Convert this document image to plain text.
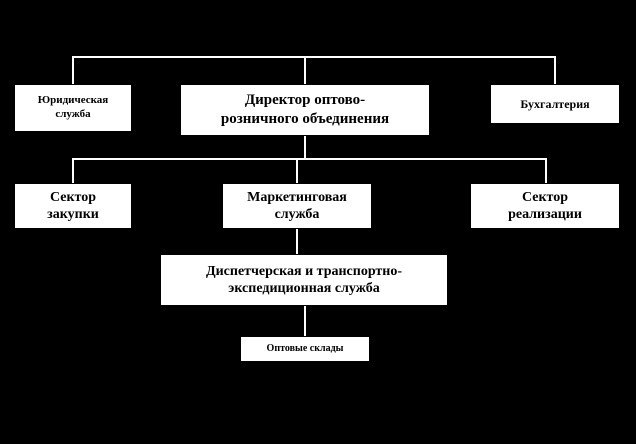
Юридическая
служба
Директор оптово-
розничного объединения
Бухгалтерия
Сектор
закупки
Маркетинговая
служба
Сектор
реализации
Диспетчерская и транспортно-
экспедиционная служба
Оптовые склады
